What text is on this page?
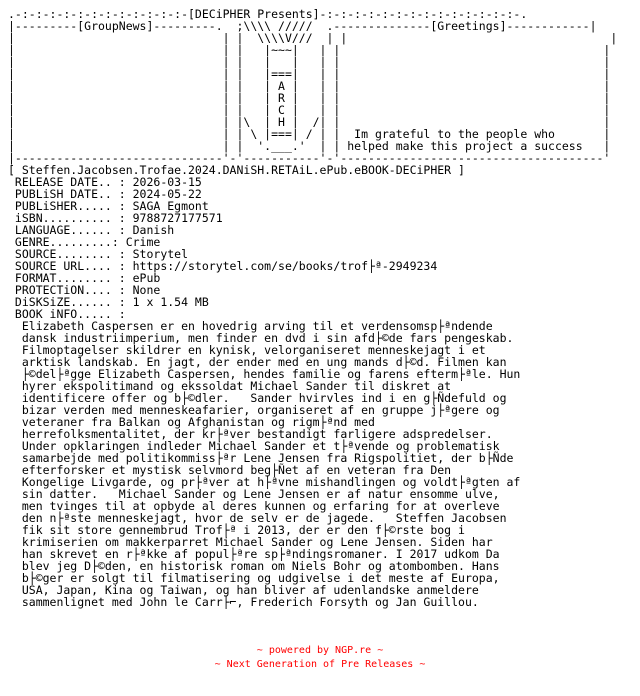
.-:-:-:-:-:-:-:-:-:-:-:-:-[DECiPHER Presents]-:-:-:-:-:-:-:-:-:-:-:-:-:-:-.
|---------[GroupNews]---------.  ;\\\\ /////  .--------------[Greetings]------------|
|                              | |  \\\\V///  | |                                      |
|                              | |   |~~~|   | |                                      |
|                              | |   |   |   | |                                      |
|                              | |   |===|   | |                                      |
|                              | |   | A |   | |                                      |
|                              | |   | R |   | |                                      |
|                              | |   | C |   | |                                      |
|                              | |\  | H |  /| |                                      |
|                              | | \ |===| / | |  Im grateful to the people who       |
|                              | |  '.___.'  | | helped make this project a success   |
|------------------------------'-'-----------'-'--------------------------------------'
[ Steffen.Jacobsen.Trofae.2024.DANiSH.RETAiL.ePub.eBOOK-DECiPHER ]
RELEASE DATE.. : 2026-03-15
PUBLiSH DATE.. : 2024-05-22
PUBLiSHER..... : SAGA Egmont
iSBN.......... : 9788727177571
LANGUAGE...... : Danish
GENRE.........: Crime
SOURCE........ : Storytel
SOURCE URL.... : https://storytel.com/se/books/trof├ª-2949234
FORMAT........ : ePub
PROTECTiON.... : None
DiSKSiZE...... : 1 x 1.54 MB
BOOK iNFO..... :
Elizabeth Caspersen er en hovedrig arving til et verdensomsp├ªndende
dansk industriimperium, men finder en dvd i sin afd├©de fars pengeskab.
Filmoptagelser skildrer en kynisk, velorganiseret menneskejagt i et
arktisk landskab. En jagt, der ender med en ung mands d├©d. Filmen kan
├©del├ªgge Elizabeth Caspersen, hendes familie og farens efterm├ªle. Hun
hyrer ekspolitimand og ekssoldat Michael Sander til diskret at
identificere offer og b├©dler.   Sander hvirvles ind i en g├Ñdefuld og
bizar verden med menneskeafarier, organiseret af en gruppe j├ªgere og
veteraner fra Balkan og Afghanistan og rigm├ªnd med
herrefolksmentalitet, der kr├ªver bestandigt farligere adspredelser.
Under opklaringen indleder Michael Sander et t├ªvende og problematisk
samarbejde med politikommiss├ªr Lene Jensen fra Rigspolitiet, der b├Ñde
efterforsker et mystisk selvmord beg├Ñet af en veteran fra Den
Kongelige Livgarde, og pr├ªver at h├ªvne mishandlingen og voldt├ªgten af
sin datter.   Michael Sander og Lene Jensen er af natur ensomme ulve,
men tvinges til at opbyde al deres kunnen og erfaring for at overleve
den n├ªste menneskejagt, hvor de selv er de jagede.   Steffen Jacobsen
fik sit store gennembrud Trof├ª i 2013, der er den f├©rste bog i
krimiserien om makkerparret Michael Sander og Lene Jensen. Siden har
han skrevet en r├ªkke af popul├ªre sp├ªndingsromaner. I 2017 udkom Da
blev jeg D├©den, en historisk roman om Niels Bohr og atombomben. Hans
b├©ger er solgt til filmatisering og udgivelse i det meste af Europa,
USA, Japan, Kina og Taiwan, og han bliver af udenlandske anmeldere
sammenlignet med John le Carr├⌐, Frederich Forsyth og Jan Guillou.
~ powered by NGP.re ~
~ Next Generation of Pre Releases ~
